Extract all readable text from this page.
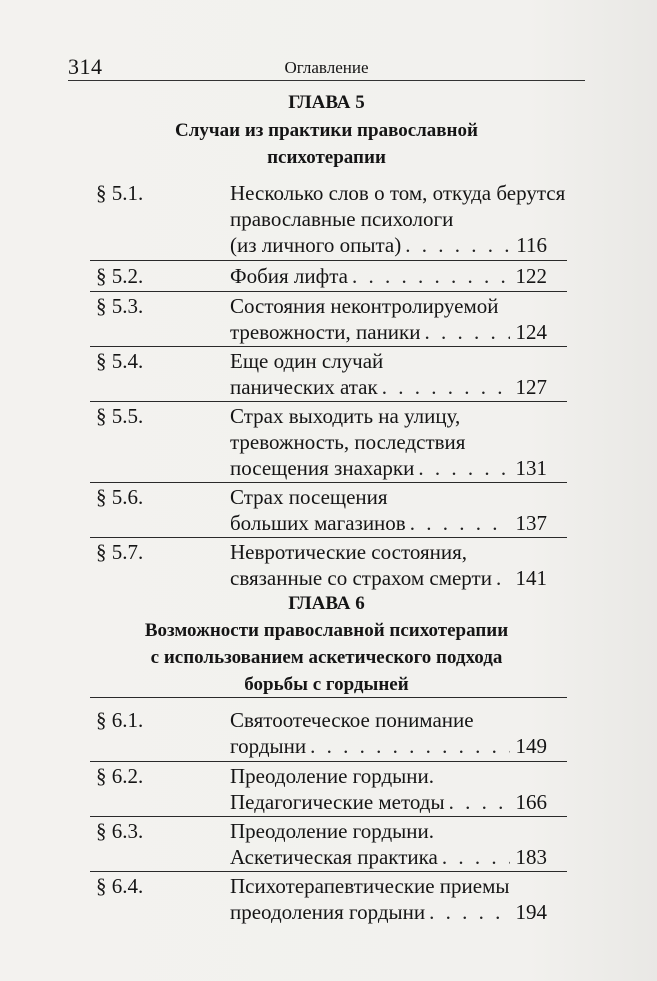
314	Оглавление
ГЛАВА 5
Случаи из практики православной
психотерапии
§ 5.1.	Несколько слов о том, откуда берутся
православные психологи
(из личного опыта) . . .	116
§ 5.2.	Фобия лифта . . .	122
§ 5.3.	Состояния неконтролируемой
тревожности, паники . . .	124
§ 5.4.	Еще один случай
панических атак . . .	127
§ 5.5.	Страх выходить на улицу,
тревожность, последствия
посещения знахарки . . .	131
§ 5.6.	Страх посещения
больших магазинов . . .	137
§ 5.7.	Невротические состояния,
связанные со страхом смерти . . . 141
ГЛАВА 6
Возможности православной психотерапии
с использованием аскетического подхода
борьбы с гордыней
§ 6.1.	Святоотеческое понимание
гордыни . . .	149
§ 6.2.	Преодоление гордыни.
Педагогические методы . . .	166
§ 6.3.	Преодоление гордыни.
Аскетическая практика . . .	183
§ 6.4.	Психотерапевтические приемы
преодоления гордыни . . .	194
